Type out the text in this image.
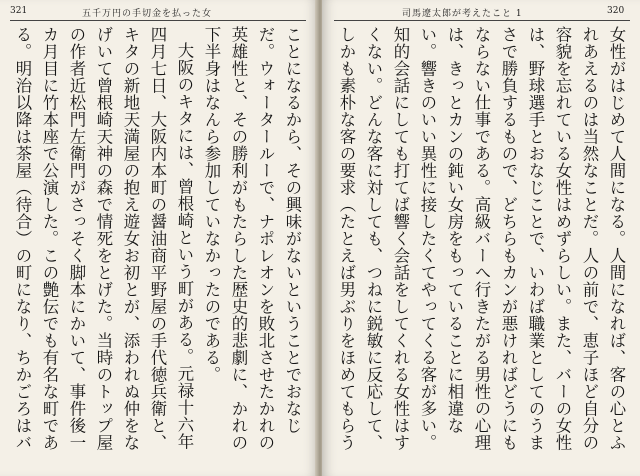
321	五千万円の手切金を払った女

ことになるから、その興味がないということでおなじだ。ウォータールーで、ナポレオンを敗北させたかれの英雄性と、その勝利がもたらした歴史的悲劇に、かれの下半身はなんら参加していなかったのである。

大阪のキタには、曾根崎という町がある。元禄十六年四月七日、大阪内本町の醤油商平野屋の手代徳兵衛と、キタの新地天満屋の抱え遊女お初とが、添われぬ仲をなげいて曾根崎天神の森で情死をとげた。当時のトップ屋の作者近松門左衛門がさっそく脚本にかいて、事件後一カ月目に竹本座で公演した。この艶伝でも有名な町である。明治以降は茶屋（待合）の町になり、ちかごろはバ

司馬遼太郎が考えたこと 1	320

女性がはじめて人間になる。人間になれば、客の心とふれあえるのは当然なことだ。人の前で、恵子ほど自分の容貌を忘れている女性はめずらしい。また、バーの女性は、野球選手とおなじことで、いわば職業としてのうまさで勝負するもので、どちらもカンが悪ければどうにもならない仕事である。高級バーへ行きたがる男性の心理は、きっとカンの鈍い女房をもっていることに相違ない。響きのいい異性に接したくてやってくる客が多い。知的会話にしても打てば響く会話をしてくれる女性はすくない。どんな客に対しても、つねに鋭敏に反応して、しかも素朴な客の要求（たとえば男ぶりをほめてもらう
